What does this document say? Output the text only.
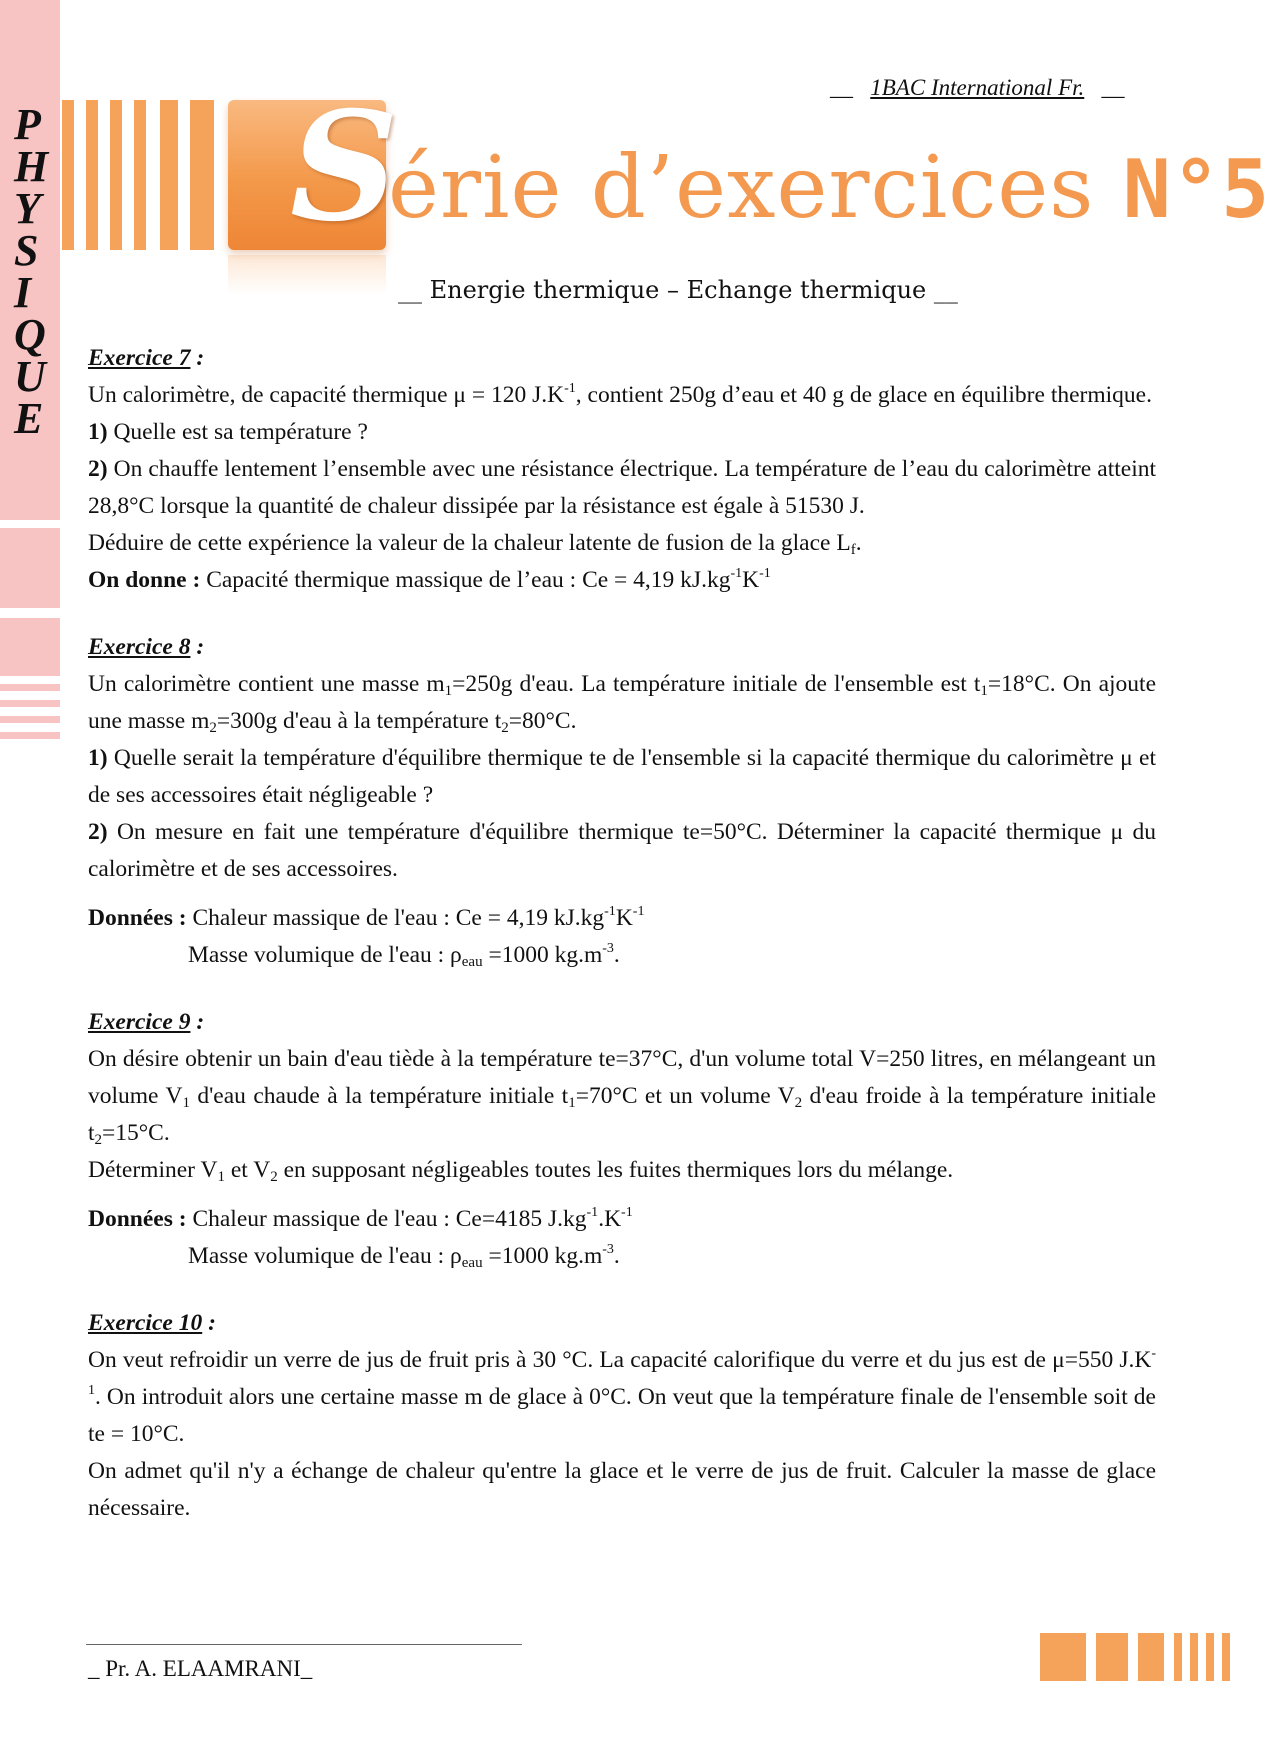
P
H
Y
S
I
Q
U
E
__ 1BAC International Fr. __
S
érie d’exercices N°5
__ Energie thermique – Echange thermique __

Exercice 7 :

Un calorimètre, de capacité thermique μ = 120 $J.K^{-1}$, contient 250g d’eau et 40 g de glace en équilibre thermique.

1) Quelle est sa température ?

2) On chauffe lentement l’ensemble avec une résistance électrique. La température de l’eau du calorimètre atteint 28,8°C lorsque la quantité de chaleur dissipée par la résistance est égale à 51530 J.

Déduire de cette expérience la valeur de la chaleur latente de fusion de la glace $L_f$.

On donne : Capacité thermique massique de l’eau : Ce = 4,19 $kJ.kg^{-1}K^{-1}$

Exercice 8 :

Un calorimètre contient une masse $m_1=250g$ d'eau. La température initiale de l'ensemble est $t_1=18^\circ C$. On ajoute une masse $m_2=300g$ d'eau à la température $t_2=80^\circ C$.

1) Quelle serait la température d'équilibre thermique te de l'ensemble si la capacité thermique du calorimètre μ et de ses accessoires était négligeable ?

2) On mesure en fait une température d'équilibre thermique te=50°C. Déterminer la capacité thermique μ du calorimètre et de ses accessoires.

Données : Chaleur massique de l'eau : Ce = 4,19 $kJ.kg^{-1}K^{-1}$

Masse volumique de l'eau : $\rho_{eau} =1000$ $kg.m^{-3}$.

Exercice 9 :

On désire obtenir un bain d'eau tiède à la température te=37°C, d'un volume total V=250 litres, en mélangeant un volume $V_1$ d'eau chaude à la température initiale $t_1=70^\circ C$ et un volume $V_2$ d'eau froide à la température initiale $t_2=15^\circ C$.

Déterminer $V_1$ et $V_2$ en supposant négligeables toutes les fuites thermiques lors du mélange.

Données : Chaleur massique de l'eau : Ce=4185 $J.kg^{-1}.K^{-1}$

Masse volumique de l'eau : $\rho_{eau} =1000$ $kg.m^{-3}$.

Exercice 10 :

On veut refroidir un verre de jus de fruit pris à 30 °C. La capacité calorifique du verre et du jus est de μ=550 $J.K^{-1}$. On introduit alors une certaine masse m de glace à 0°C. On veut que la température finale de l'ensemble soit de te = 10°C.

On admet qu'il n'y a échange de chaleur qu'entre la glace et le verre de jus de fruit. Calculer la masse de glace nécessaire.

_ Pr. A. ELAAMRANI_
